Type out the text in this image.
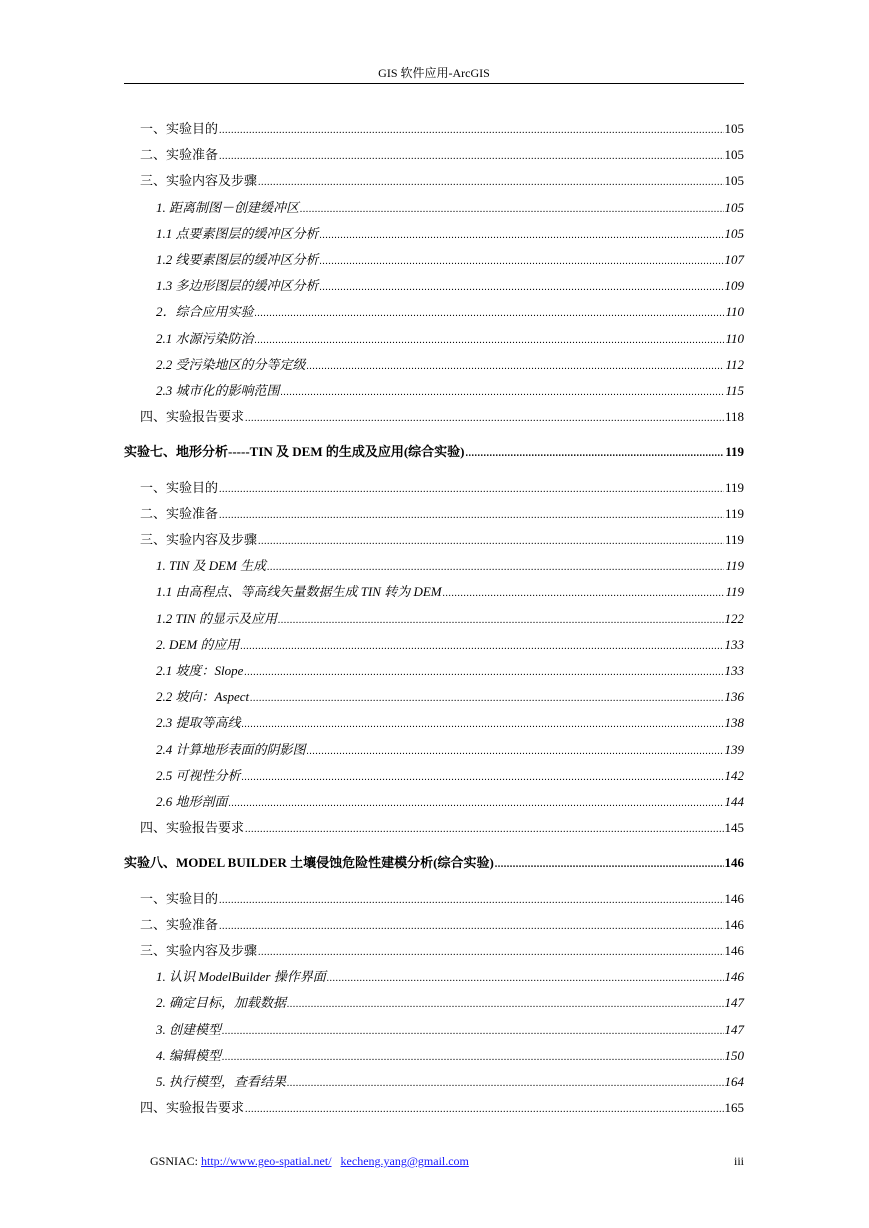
GIS 软件应用-ArcGIS
一、实验目的 .....	105
二、实验准备 .....	105
三、实验内容及步骤 .....	105
1. 距离制图－创建缓冲区 .....	105
1.1 点要素图层的缓冲区分析 .....	105
1.2 线要素图层的缓冲区分析 .....	107
1.3 多边形图层的缓冲区分析 .....	109
2．综合应用实验 .....	110
2.1 水源污染防治 .....	110
2.2 受污染地区的分等定级 .....	112
2.3 城市化的影响范围 .....	115
四、实验报告要求 .....	118
实验七、地形分析-----TIN 及 DEM 的生成及应用(综合实验) .....	119
一、实验目的 .....	119
二、实验准备 .....	119
三、实验内容及步骤 .....	119
1. TIN 及 DEM 生成 .....	119
1.1 由高程点、等高线矢量数据生成 TIN 转为 DEM .....	119
1.2 TIN 的显示及应用 .....	122
2. DEM 的应用 .....	133
2.1 坡度：Slope .....	133
2.2 坡向：Aspect .....	136
2.3 提取等高线 .....	138
2.4 计算地形表面的阴影图 .....	139
2.5 可视性分析 .....	142
2.6 地形剖面 .....	144
四、实验报告要求 .....	145
实验八、MODEL BUILDER 土壤侵蚀危险性建模分析(综合实验) .....	146
一、实验目的 .....	146
二、实验准备 .....	146
三、实验内容及步骤 .....	146
1. 认识 ModelBuilder 操作界面 .....	146
2. 确定目标，加载数据 .....	147
3. 创建模型 .....	147
4. 编辑模型 .....	150
5. 执行模型，查看结果 .....	164
四、实验报告要求 .....	165
GSNIAC:
http://www.geo-spatial.net/
kecheng.yang@gmail.com	iii
